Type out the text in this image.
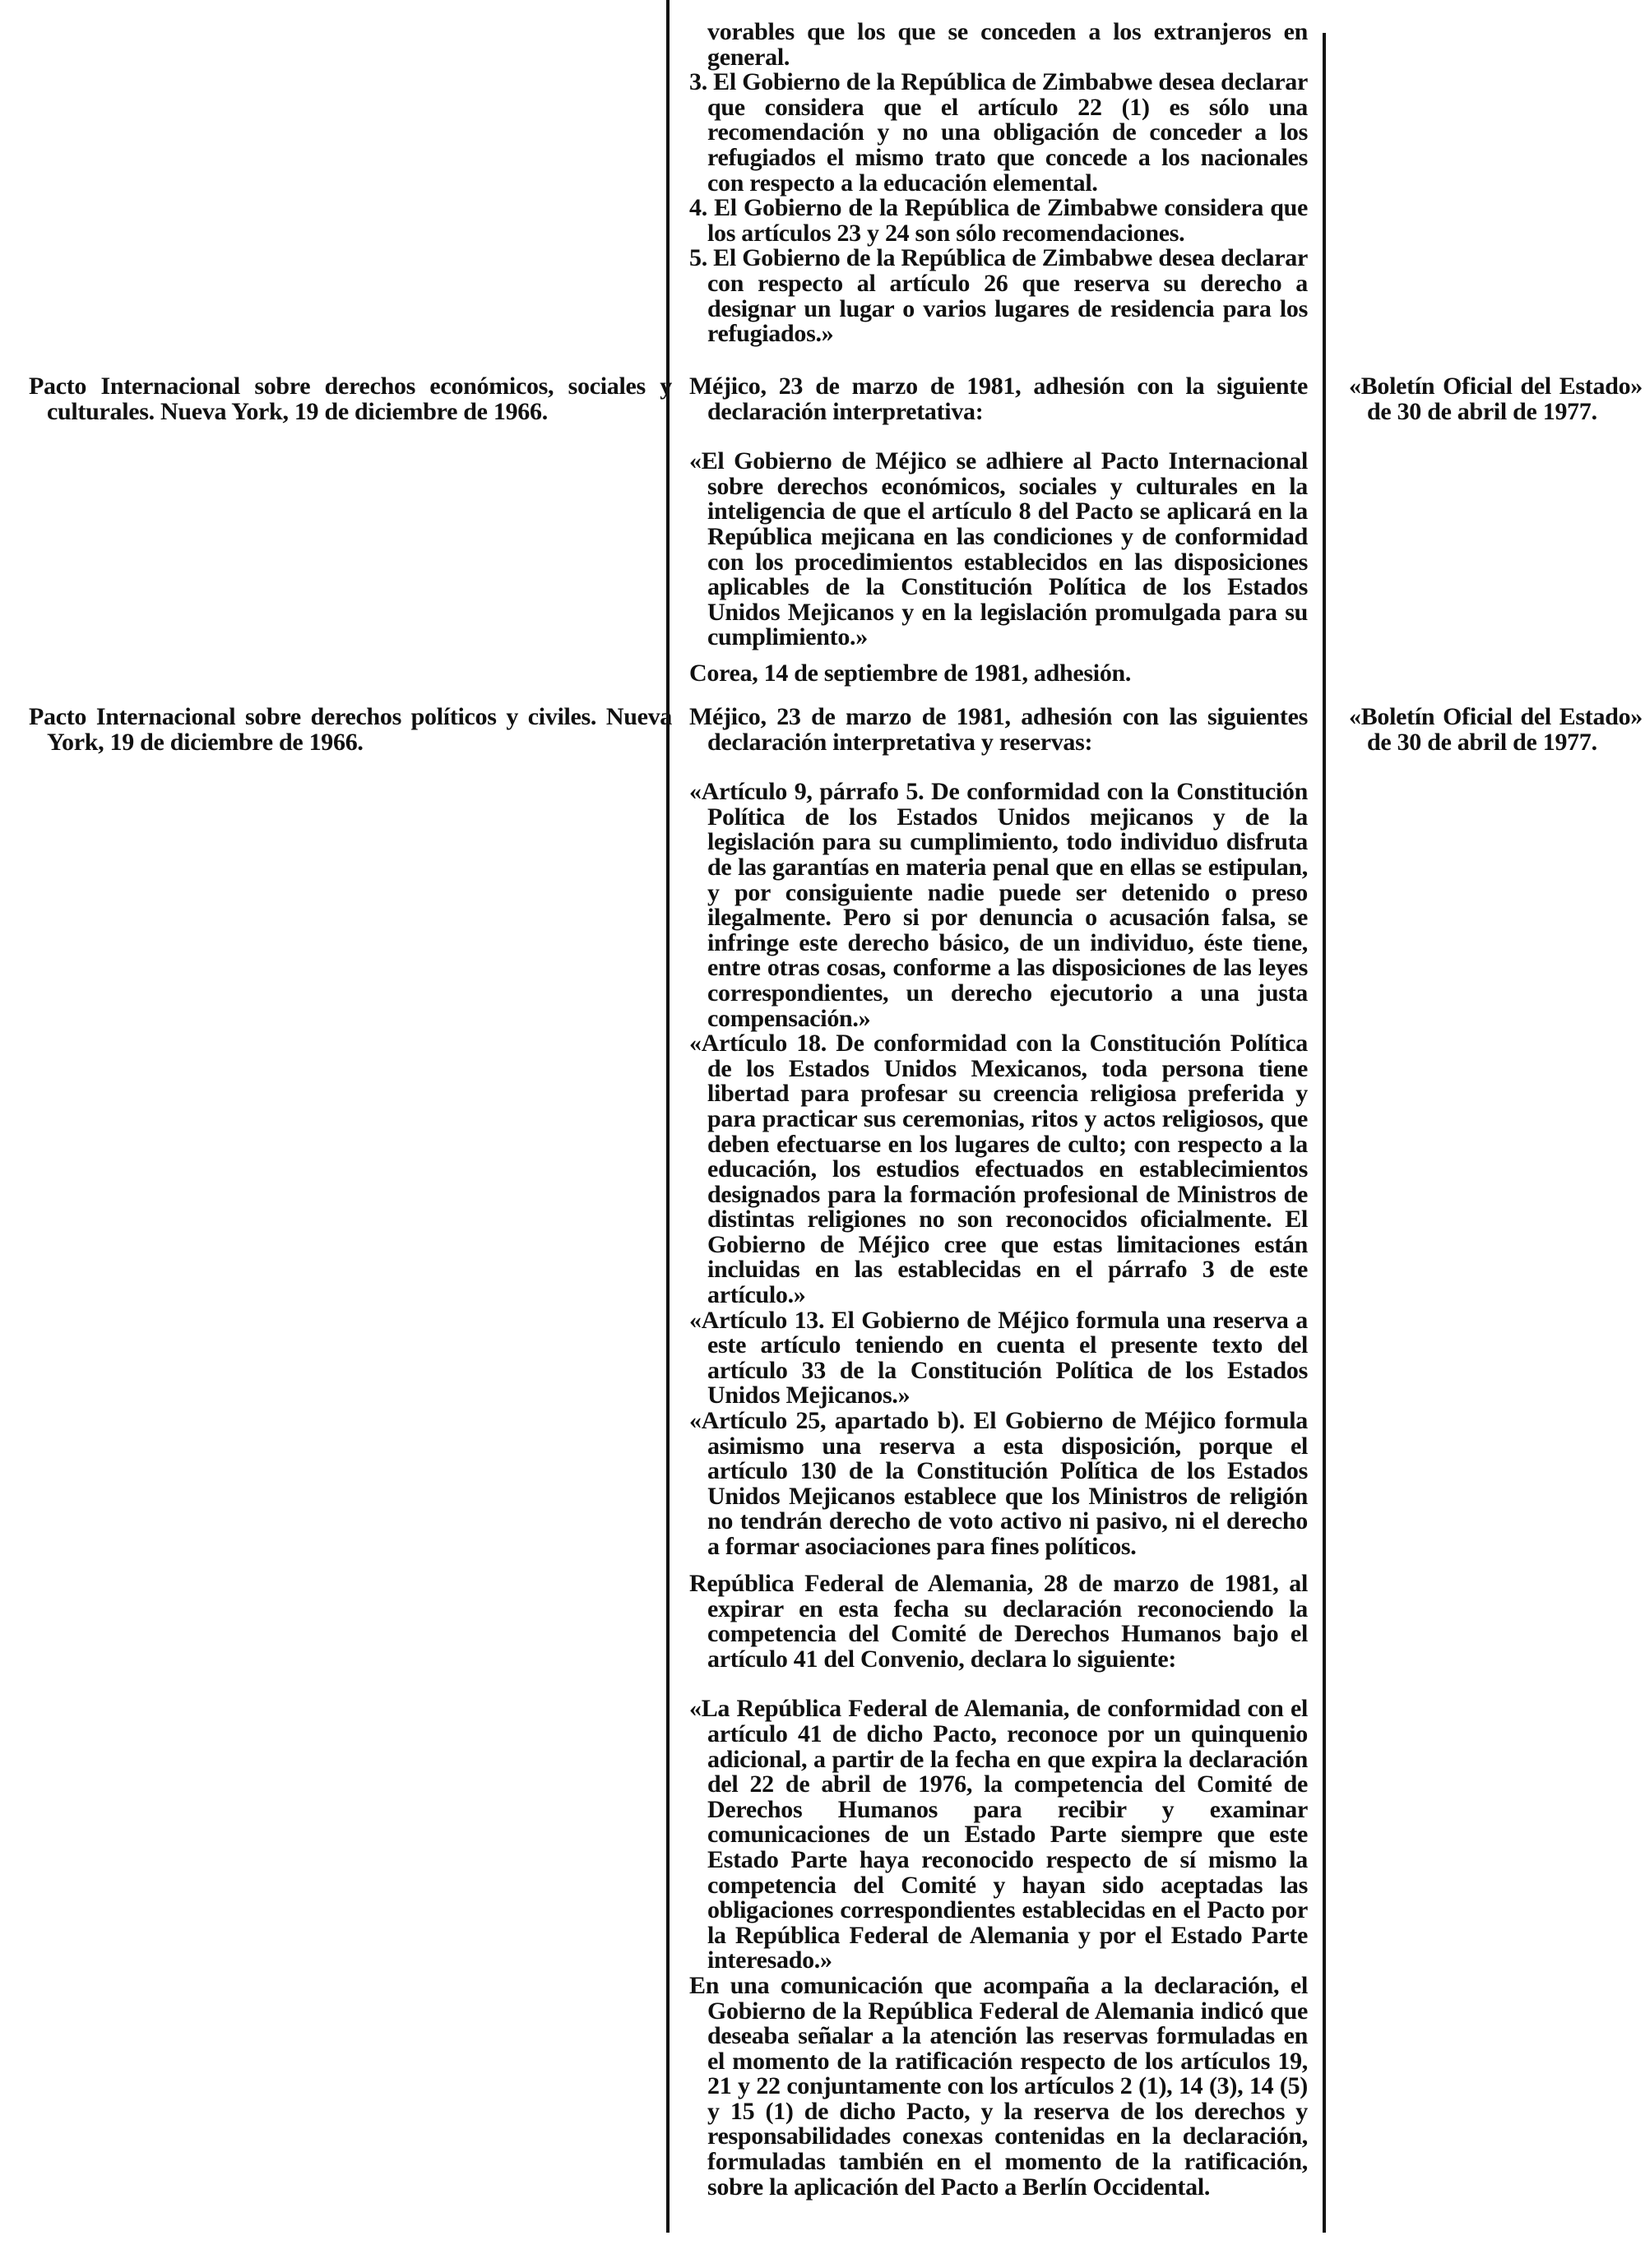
Pacto Internacional sobre derechos económicos, sociales y culturales. Nueva York, 19 de diciembre de 1966.

Pacto Internacional sobre derechos políticos y civiles. Nueva York, 19 de diciembre de 1966.

«Boletín Oficial del Estado» de 30 de abril de 1977.

«Boletín Oficial del Estado» de 30 de abril de 1977.

vorables que los que se conceden a los extranjeros en general.

3. El Gobierno de la República de Zimbabwe desea declarar que considera que el artículo 22 (1) es sólo una recomendación y no una obligación de conceder a los refugiados el mismo trato que concede a los nacionales con respecto a la educación elemental.

4. El Gobierno de la República de Zimbabwe considera que los artículos 23 y 24 son sólo recomendaciones.

5. El Gobierno de la República de Zimbabwe desea declarar con respecto al artículo 26 que reserva su derecho a designar un lugar o varios lugares de residencia para los refugiados.»

Méjico, 23 de marzo de 1981, adhesión con la siguiente declaración interpretativa:

«El Gobierno de Méjico se adhiere al Pacto Internacional sobre derechos económicos, sociales y culturales en la inteligencia de que el artículo 8 del Pacto se aplicará en la República mejicana en las condiciones y de conformidad con los procedimientos establecidos en las disposiciones aplicables de la Constitución Política de los Estados Unidos Mejicanos y en la legislación promulgada para su cumplimiento.»

Corea, 14 de septiembre de 1981, adhesión.

Méjico, 23 de marzo de 1981, adhesión con las siguientes declaración interpretativa y reservas:

«Artículo 9, párrafo 5. De conformidad con la Constitución Política de los Estados Unidos mejicanos y de la legislación para su cumplimiento, todo individuo disfruta de las garantías en materia penal que en ellas se estipulan, y por consiguiente nadie puede ser detenido o preso ilegalmente. Pero si por denuncia o acusación falsa, se infringe este derecho básico, de un individuo, éste tiene, entre otras cosas, conforme a las disposiciones de las leyes correspondientes, un derecho ejecutorio a una justa compensación.»

«Artículo 18. De conformidad con la Constitución Política de los Estados Unidos Mexicanos, toda persona tiene libertad para profesar su creencia religiosa preferida y para practicar sus ceremonias, ritos y actos religiosos, que deben efectuarse en los lugares de culto; con respecto a la educación, los estudios efectuados en establecimientos designados para la formación profesional de Ministros de distintas religiones no son reconocidos oficialmente. El Gobierno de Méjico cree que estas limitaciones están incluidas en las establecidas en el párrafo 3 de este artículo.»

«Artículo 13. El Gobierno de Méjico formula una reserva a este artículo teniendo en cuenta el presente texto del artículo 33 de la Constitución Política de los Estados Unidos Mejicanos.»

«Artículo 25, apartado b). El Gobierno de Méjico formula asimismo una reserva a esta disposición, porque el artículo 130 de la Constitución Política de los Estados Unidos Mejicanos establece que los Ministros de religión no tendrán derecho de voto activo ni pasivo, ni el derecho a formar asociaciones para fines políticos.

República Federal de Alemania, 28 de marzo de 1981, al expirar en esta fecha su declaración reconociendo la competencia del Comité de Derechos Humanos bajo el artículo 41 del Convenio, declara lo siguiente:

«La República Federal de Alemania, de conformidad con el artículo 41 de dicho Pacto, reconoce por un quinquenio adicional, a partir de la fecha en que expira la declaración del 22 de abril de 1976, la competencia del Comité de Derechos Humanos para recibir y examinar comunicaciones de un Estado Parte siempre que este Estado Parte haya reconocido respecto de sí mismo la competencia del Comité y hayan sido aceptadas las obligaciones correspondientes establecidas en el Pacto por la República Federal de Alemania y por el Estado Parte interesado.»

En una comunicación que acompaña a la declaración, el Gobierno de la República Federal de Alemania indicó que deseaba señalar a la atención las reservas formuladas en el momento de la ratificación respecto de los artículos 19, 21 y 22 conjuntamente con los artículos 2 (1), 14 (3), 14 (5) y 15 (1) de dicho Pacto, y la reserva de los derechos y responsabilidades conexas contenidas en la declaración, formuladas también en el momento de la ratificación, sobre la aplicación del Pacto a Berlín Occidental.
